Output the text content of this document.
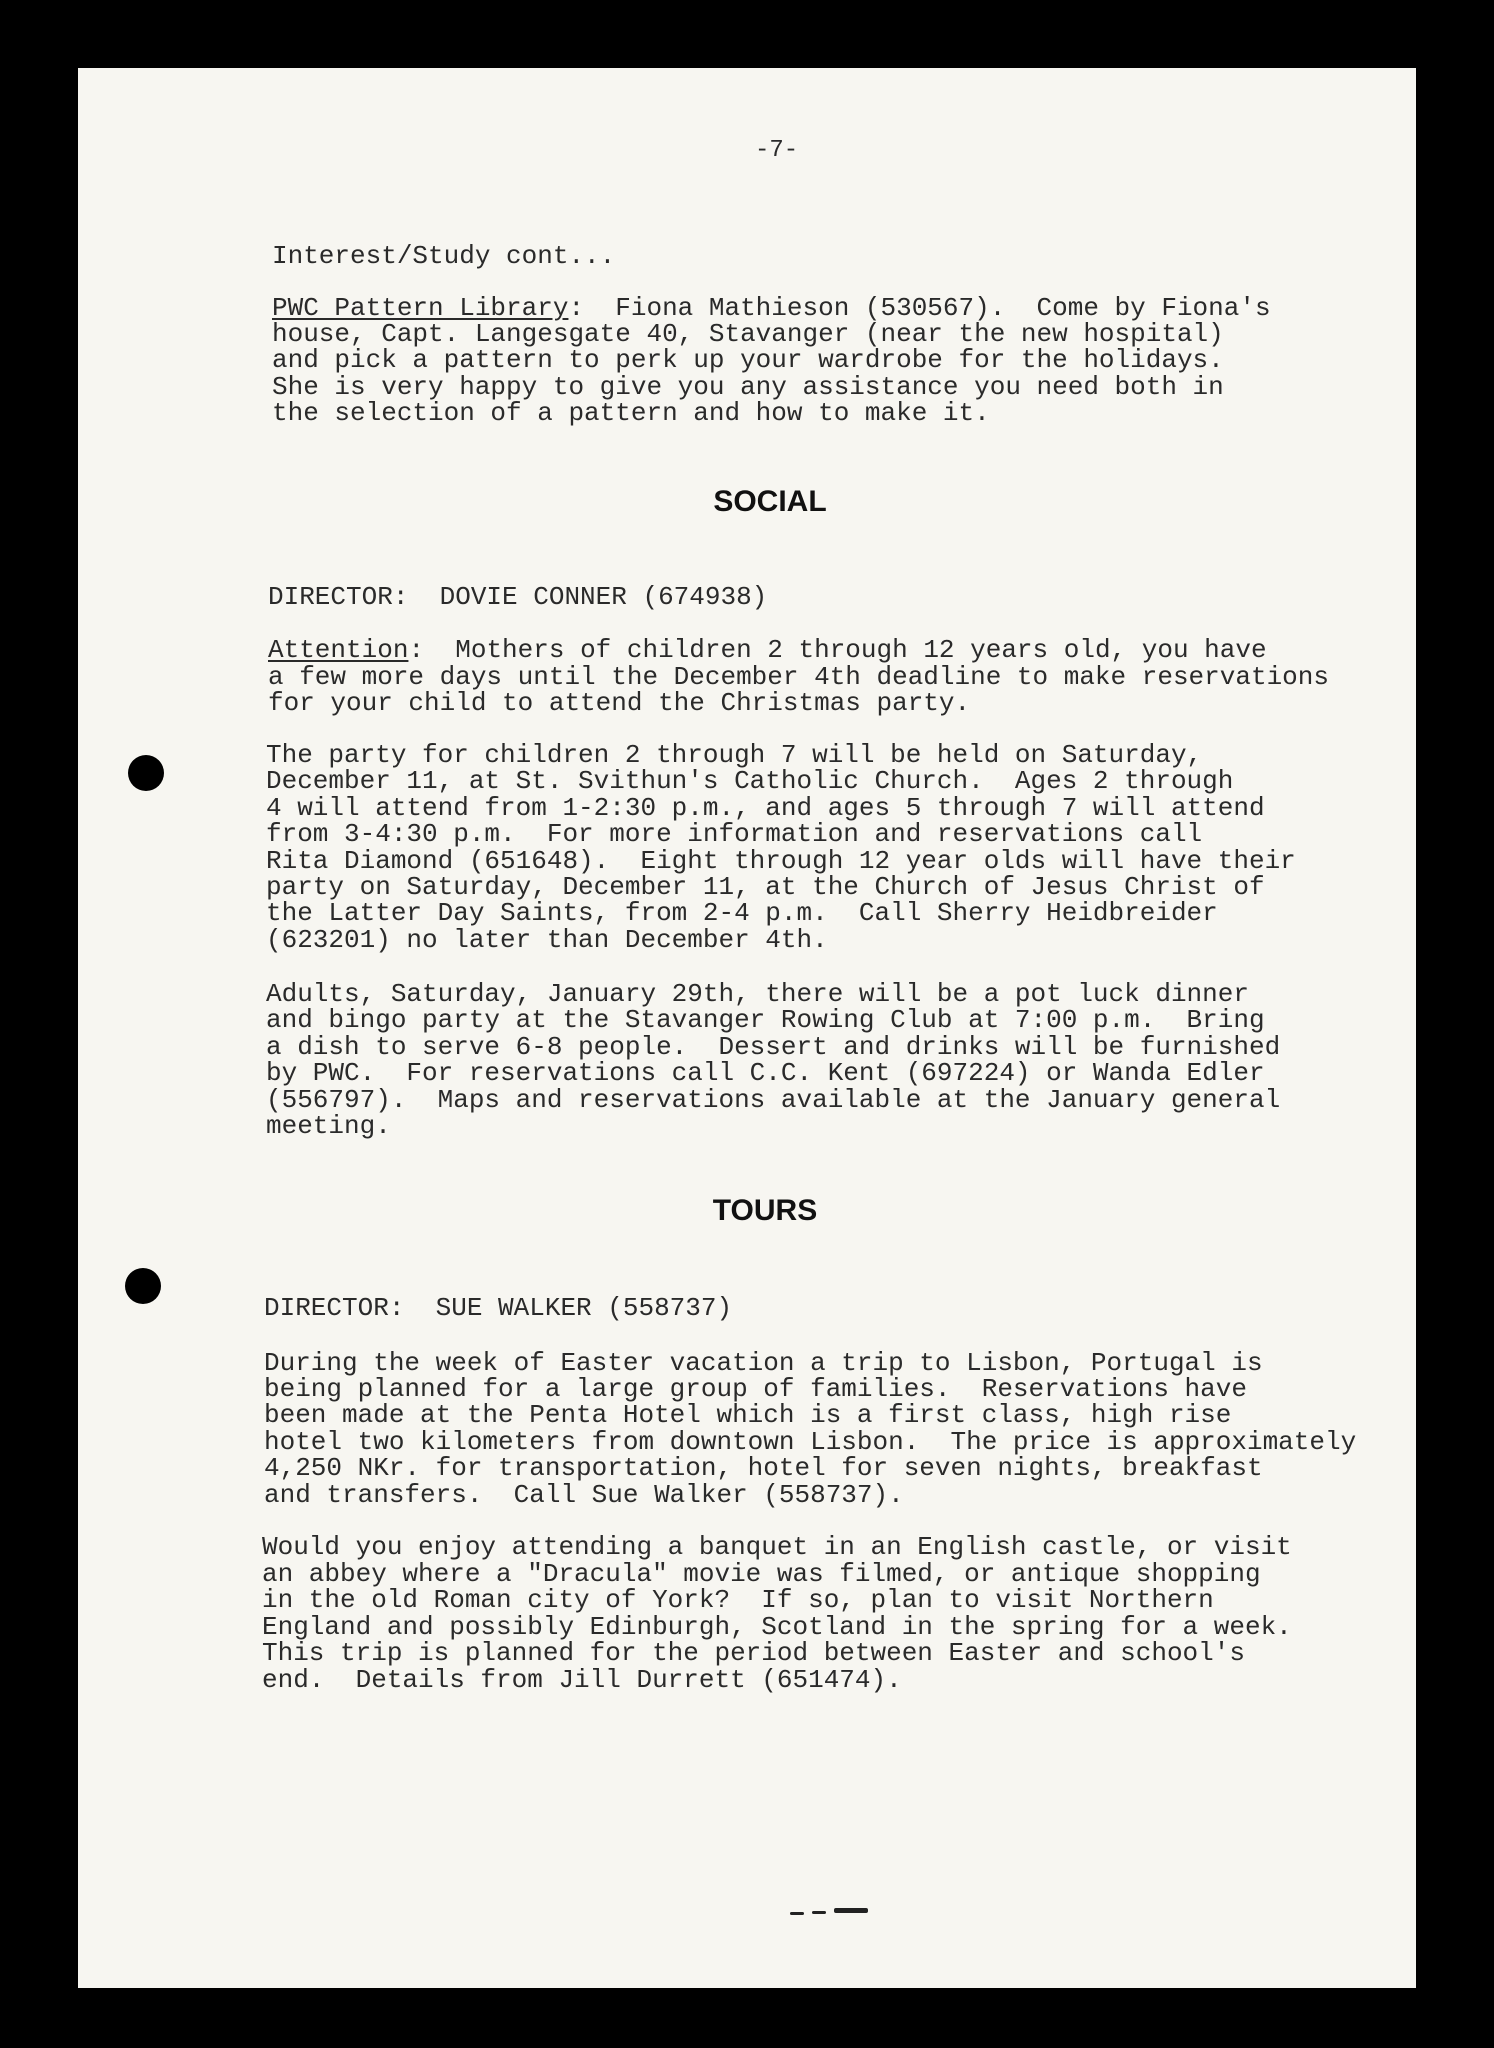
-7-

Interest/Study cont...

PWC Pattern Library:  Fiona Mathieson (530567).  Come by Fiona's

house, Capt. Langesgate 40, Stavanger (near the new hospital)

and pick a pattern to perk up your wardrobe for the holidays.

She is very happy to give you any assistance you need both in

the selection of a pattern and how to make it.

SOCIAL

DIRECTOR:  DOVIE CONNER (674938)

Attention:  Mothers of children 2 through 12 years old, you have

a few more days until the December 4th deadline to make reservations

for your child to attend the Christmas party.

The party for children 2 through 7 will be held on Saturday,

December 11, at St. Svithun's Catholic Church.  Ages 2 through

4 will attend from 1-2:30 p.m., and ages 5 through 7 will attend

from 3-4:30 p.m.  For more information and reservations call

Rita Diamond (651648).  Eight through 12 year olds will have their

party on Saturday, December 11, at the Church of Jesus Christ of

the Latter Day Saints, from 2-4 p.m.  Call Sherry Heidbreider

(623201) no later than December 4th.

Adults, Saturday, January 29th, there will be a pot luck dinner

and bingo party at the Stavanger Rowing Club at 7:00 p.m.  Bring

a dish to serve 6-8 people.  Dessert and drinks will be furnished

by PWC.  For reservations call C.C. Kent (697224) or Wanda Edler

(556797).  Maps and reservations available at the January general

meeting.

TOURS

DIRECTOR:  SUE WALKER (558737)

During the week of Easter vacation a trip to Lisbon, Portugal is

being planned for a large group of families.  Reservations have

been made at the Penta Hotel which is a first class, high rise

hotel two kilometers from downtown Lisbon.  The price is approximately

4,250 NKr. for transportation, hotel for seven nights, breakfast

and transfers.  Call Sue Walker (558737).

Would you enjoy attending a banquet in an English castle, or visit

an abbey where a "Dracula" movie was filmed, or antique shopping

in the old Roman city of York?  If so, plan to visit Northern

England and possibly Edinburgh, Scotland in the spring for a week.

This trip is planned for the period between Easter and school's

end.  Details from Jill Durrett (651474).
